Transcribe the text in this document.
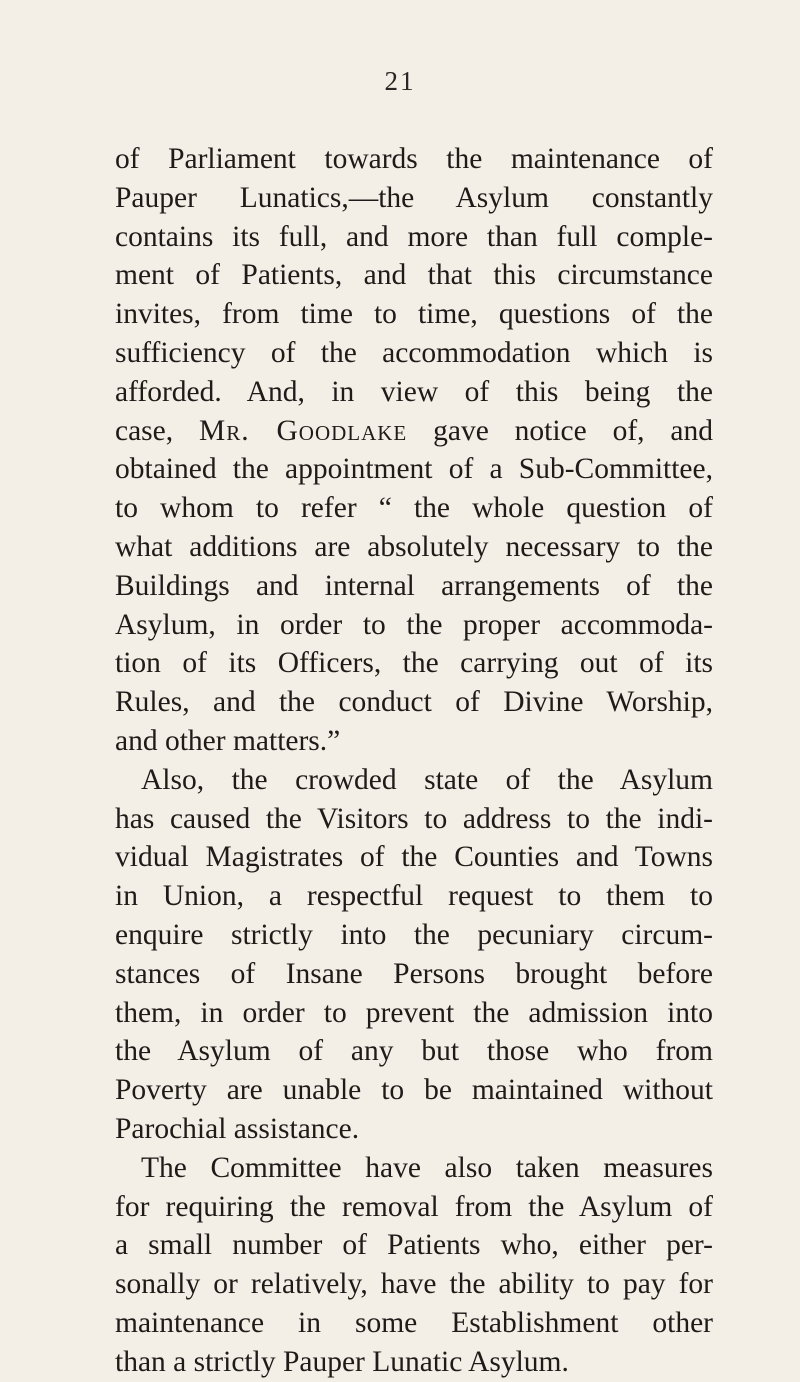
21
of Parliament towards the maintenance of
Pauper Lunatics,—the Asylum constantly
contains its full, and more than full comple-
ment of Patients, and that this circumstance
invites, from time to time, questions of the
sufficiency of the accommodation which is
afforded. And, in view of this being the
case, Mr. Goodlake gave notice of, and
obtained the appointment of a Sub-Committee,
to whom to refer “ the whole question of
what additions are absolutely necessary to the
Buildings and internal arrangements of the
Asylum, in order to the proper accommoda-
tion of its Officers, the carrying out of its
Rules, and the conduct of Divine Worship,
and other matters.”
Also, the crowded state of the Asylum
has caused the Visitors to address to the indi-
vidual Magistrates of the Counties and Towns
in Union, a respectful request to them to
enquire strictly into the pecuniary circum-
stances of Insane Persons brought before
them, in order to prevent the admission into
the Asylum of any but those who from
Poverty are unable to be maintained without
Parochial assistance.
The Committee have also taken measures
for requiring the removal from the Asylum of
a small number of Patients who, either per-
sonally or relatively, have the ability to pay for
maintenance in some Establishment other
than a strictly Pauper Lunatic Asylum.
